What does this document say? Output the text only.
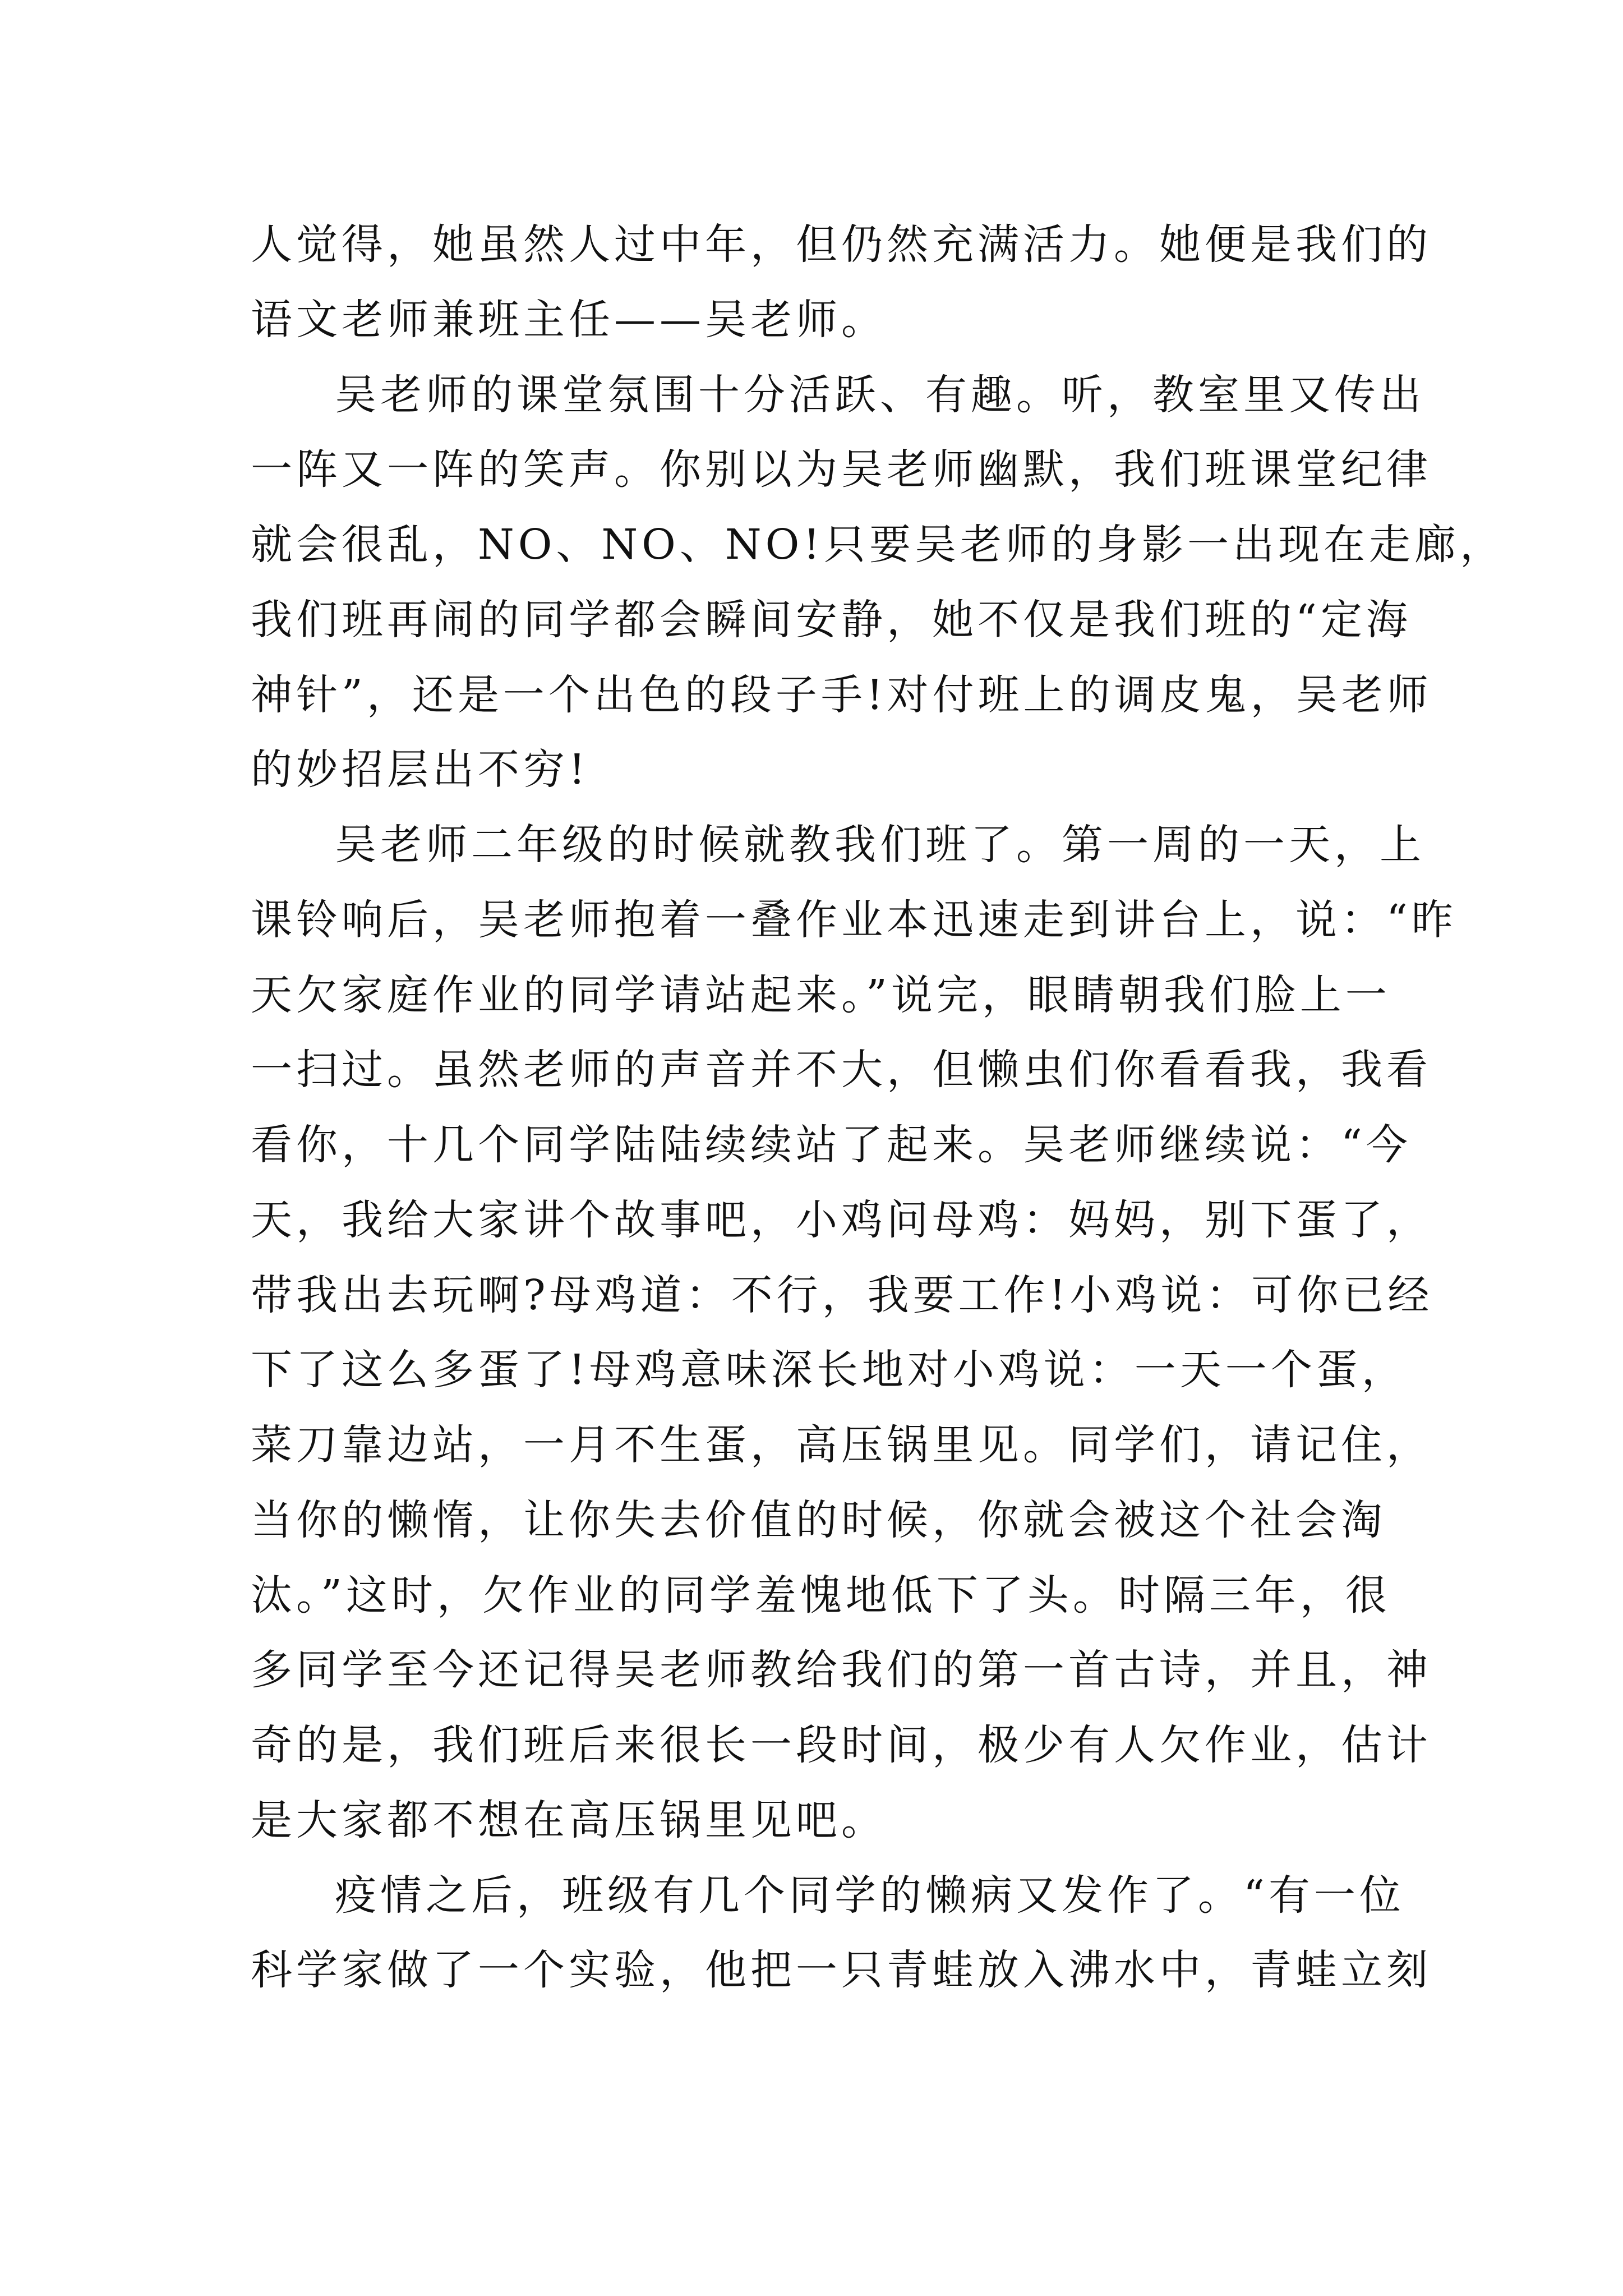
人觉得，她虽然人过中年，但仍然充满活力。她便是我们的
语文老师兼班主任——吴老师。
吴老师的课堂氛围十分活跃、有趣。听，教室里又传出
一阵又一阵的笑声。你别以为吴老师幽默，我们班课堂纪律
就会很乱，NO、NO、NO!只要吴老师的身影一出现在走廊，
我们班再闹的同学都会瞬间安静，她不仅是我们班的“定海
神针”，还是一个出色的段子手!对付班上的调皮鬼，吴老师
的妙招层出不穷!
吴老师二年级的时候就教我们班了。第一周的一天，上
课铃响后，吴老师抱着一叠作业本迅速走到讲台上，说：“昨
天欠家庭作业的同学请站起来。”说完，眼睛朝我们脸上一
一扫过。虽然老师的声音并不大，但懒虫们你看看我，我看
看你，十几个同学陆陆续续站了起来。吴老师继续说：“今
天，我给大家讲个故事吧，小鸡问母鸡：妈妈，别下蛋了，
带我出去玩啊?母鸡道：不行，我要工作!小鸡说：可你已经
下了这么多蛋了!母鸡意味深长地对小鸡说：一天一个蛋，
菜刀靠边站，一月不生蛋，高压锅里见。同学们，请记住，
当你的懒惰，让你失去价值的时候，你就会被这个社会淘
汰。”这时，欠作业的同学羞愧地低下了头。时隔三年，很
多同学至今还记得吴老师教给我们的第一首古诗，并且，神
奇的是，我们班后来很长一段时间，极少有人欠作业，估计
是大家都不想在高压锅里见吧。
疫情之后，班级有几个同学的懒病又发作了。“有一位
科学家做了一个实验，他把一只青蛙放入沸水中，青蛙立刻
